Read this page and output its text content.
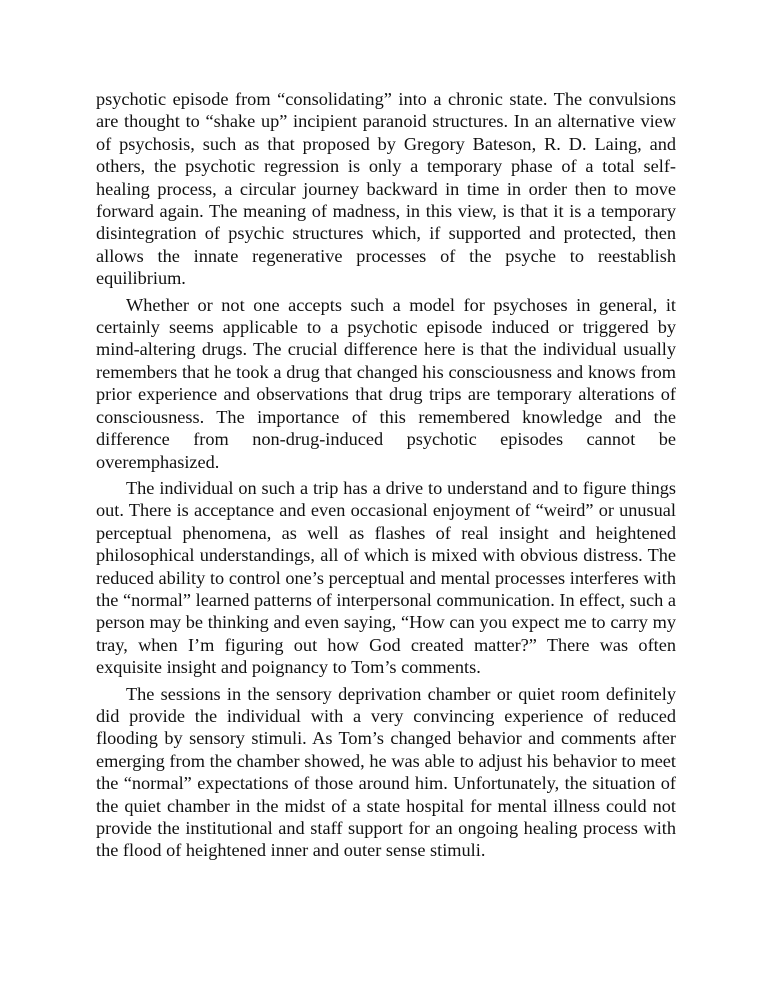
psychotic episode from “consolidating” into a chronic state. The convulsions are thought to “shake up” incipient paranoid structures. In an alternative view of psychosis, such as that proposed by Gregory Bateson, R. D. Laing, and others, the psychotic regression is only a temporary phase of a total self-healing process, a circular journey backward in time in order then to move forward again. The meaning of madness, in this view, is that it is a temporary disintegration of psychic structures which, if supported and protected, then allows the innate regenerative processes of the psyche to reestablish equilibrium.

Whether or not one accepts such a model for psychoses in general, it certainly seems applicable to a psychotic episode induced or triggered by mind-altering drugs. The crucial difference here is that the individual usually remembers that he took a drug that changed his consciousness and knows from prior experience and observations that drug trips are temporary alterations of consciousness. The importance of this remembered knowledge and the difference from non-drug-induced psychotic episodes cannot be overemphasized.

The individual on such a trip has a drive to understand and to figure things out. There is acceptance and even occasional enjoyment of “weird” or unusual perceptual phenomena, as well as flashes of real insight and heightened philosophical understandings, all of which is mixed with obvious distress. The reduced ability to control one’s perceptual and mental processes interferes with the “normal” learned patterns of interpersonal communication. In effect, such a person may be thinking and even saying, “How can you expect me to carry my tray, when I’m figuring out how God created matter?” There was often exquisite insight and poignancy to Tom’s comments.

The sessions in the sensory deprivation chamber or quiet room definitely did provide the individual with a very convincing experience of reduced flooding by sensory stimuli. As Tom’s changed behavior and comments after emerging from the chamber showed, he was able to adjust his behavior to meet the “normal” expectations of those around him. Unfortunately, the situation of the quiet chamber in the midst of a state hospital for mental illness could not provide the institutional and staff support for an ongoing healing process with the flood of heightened inner and outer sense stimuli.
